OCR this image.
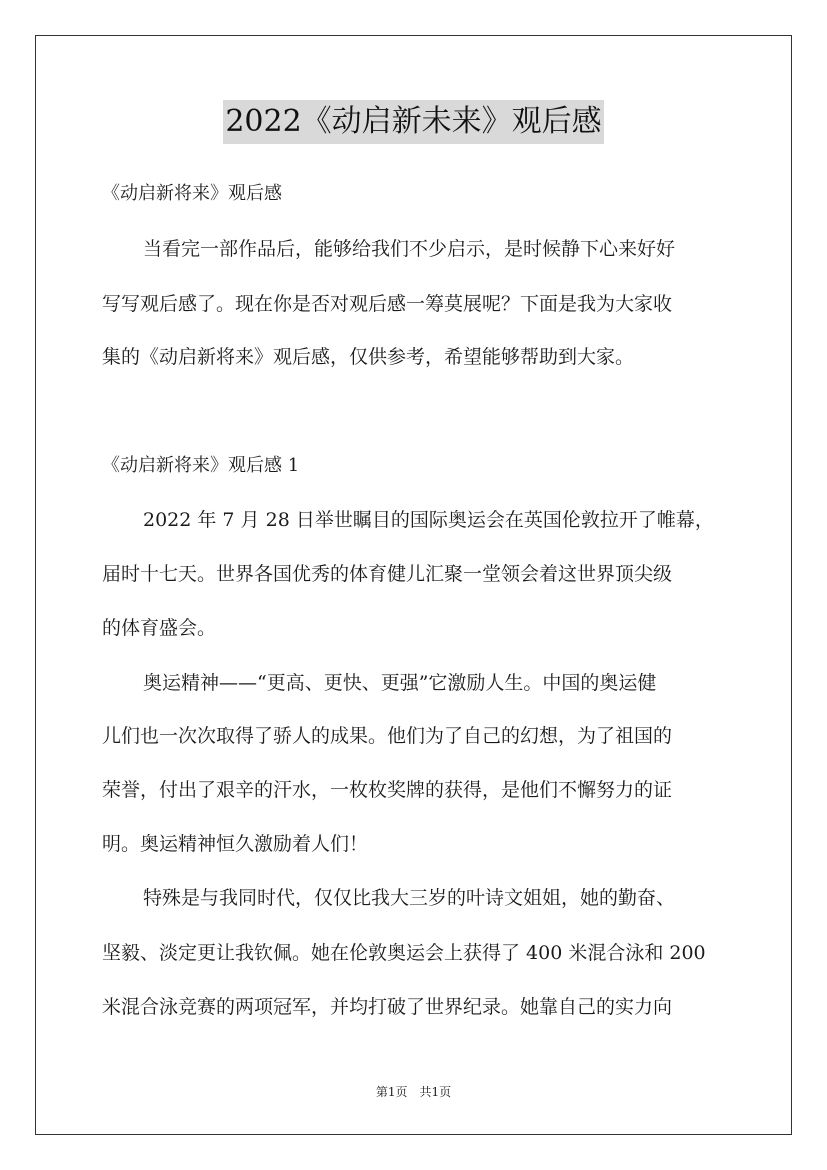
2022《动启新未来》观后感
《动启新将来》观后感
当看完一部作品后，能够给我们不少启示，是时候静下心来好好
写写观后感了。现在你是否对观后感一筹莫展呢？下面是我为大家收
集的《动启新将来》观后感，仅供参考，希望能够帮助到大家。
《动启新将来》观后感 1
2022 年 7 月 28 日举世瞩目的国际奥运会在英国伦敦拉开了帷幕，
届时十七天。世界各国优秀的体育健儿汇聚一堂领会着这世界顶尖级
的体育盛会。
奥运精神——“更高、更快、更强”它激励人生。中国的奥运健
儿们也一次次取得了骄人的成果。他们为了自己的幻想，为了祖国的
荣誉，付出了艰辛的汗水，一枚枚奖牌的获得，是他们不懈努力的证
明。奥运精神恒久激励着人们！
特殊是与我同时代，仅仅比我大三岁的叶诗文姐姐，她的勤奋、
坚毅、淡定更让我钦佩。她在伦敦奥运会上获得了 400 米混合泳和 200
米混合泳竞赛的两项冠军，并均打破了世界纪录。她靠自己的实力向
第1页　共1页
